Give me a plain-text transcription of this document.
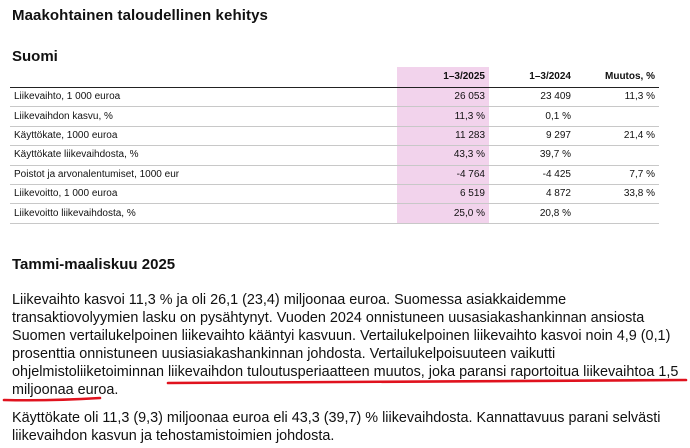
Maakohtainen taloudellinen kehitys
Suomi
	1–3/2025	1–3/2024	Muutos, %
Liikevaihto, 1 000 euroa	26 053	23 409	11,3 %
Liikevaihdon kasvu, %	11,3 %	0,1 %	
Käyttökate, 1000 euroa	11 283	9 297	21,4 %
Käyttökate liikevaihdosta, %	43,3 %	39,7 %	
Poistot ja arvonalentumiset, 1000 eur	-4 764	-4 425	7,7 %
Liikevoitto, 1 000 euroa	6 519	4 872	33,8 %
Liikevoitto liikevaihdosta, %	25,0 %	20,8 %	
Tammi-maaliskuu 2025

Liikevaihto kasvoi 11,3 % ja oli 26,1 (23,4) miljoonaa euroa. Suomessa asiakkaidemme transaktiovolyymien lasku on pysähtynyt. Vuoden 2024 onnistuneen uusasiakashankinnan ansiosta Suomen vertailukelpoinen liikevaihto kääntyi kasvuun. Vertailukelpoinen liikevaihto kasvoi noin 4,9 (0,1) prosenttia onnistuneen uusiasiakashankinnan johdosta. Vertailukelpoisuuteen vaikutti ohjelmistoliiketoiminnan liikevaihdon tuloutusperiaatteen muutos, joka paransi raportoitua liikevaihtoa 1,5 miljoonaa euroa.

Käyttökate oli 11,3 (9,3) miljoonaa euroa eli 43,3 (39,7) % liikevaihdosta. Kannattavuus parani selvästi liikevaihdon kasvun ja tehostamistoimien johdosta.
